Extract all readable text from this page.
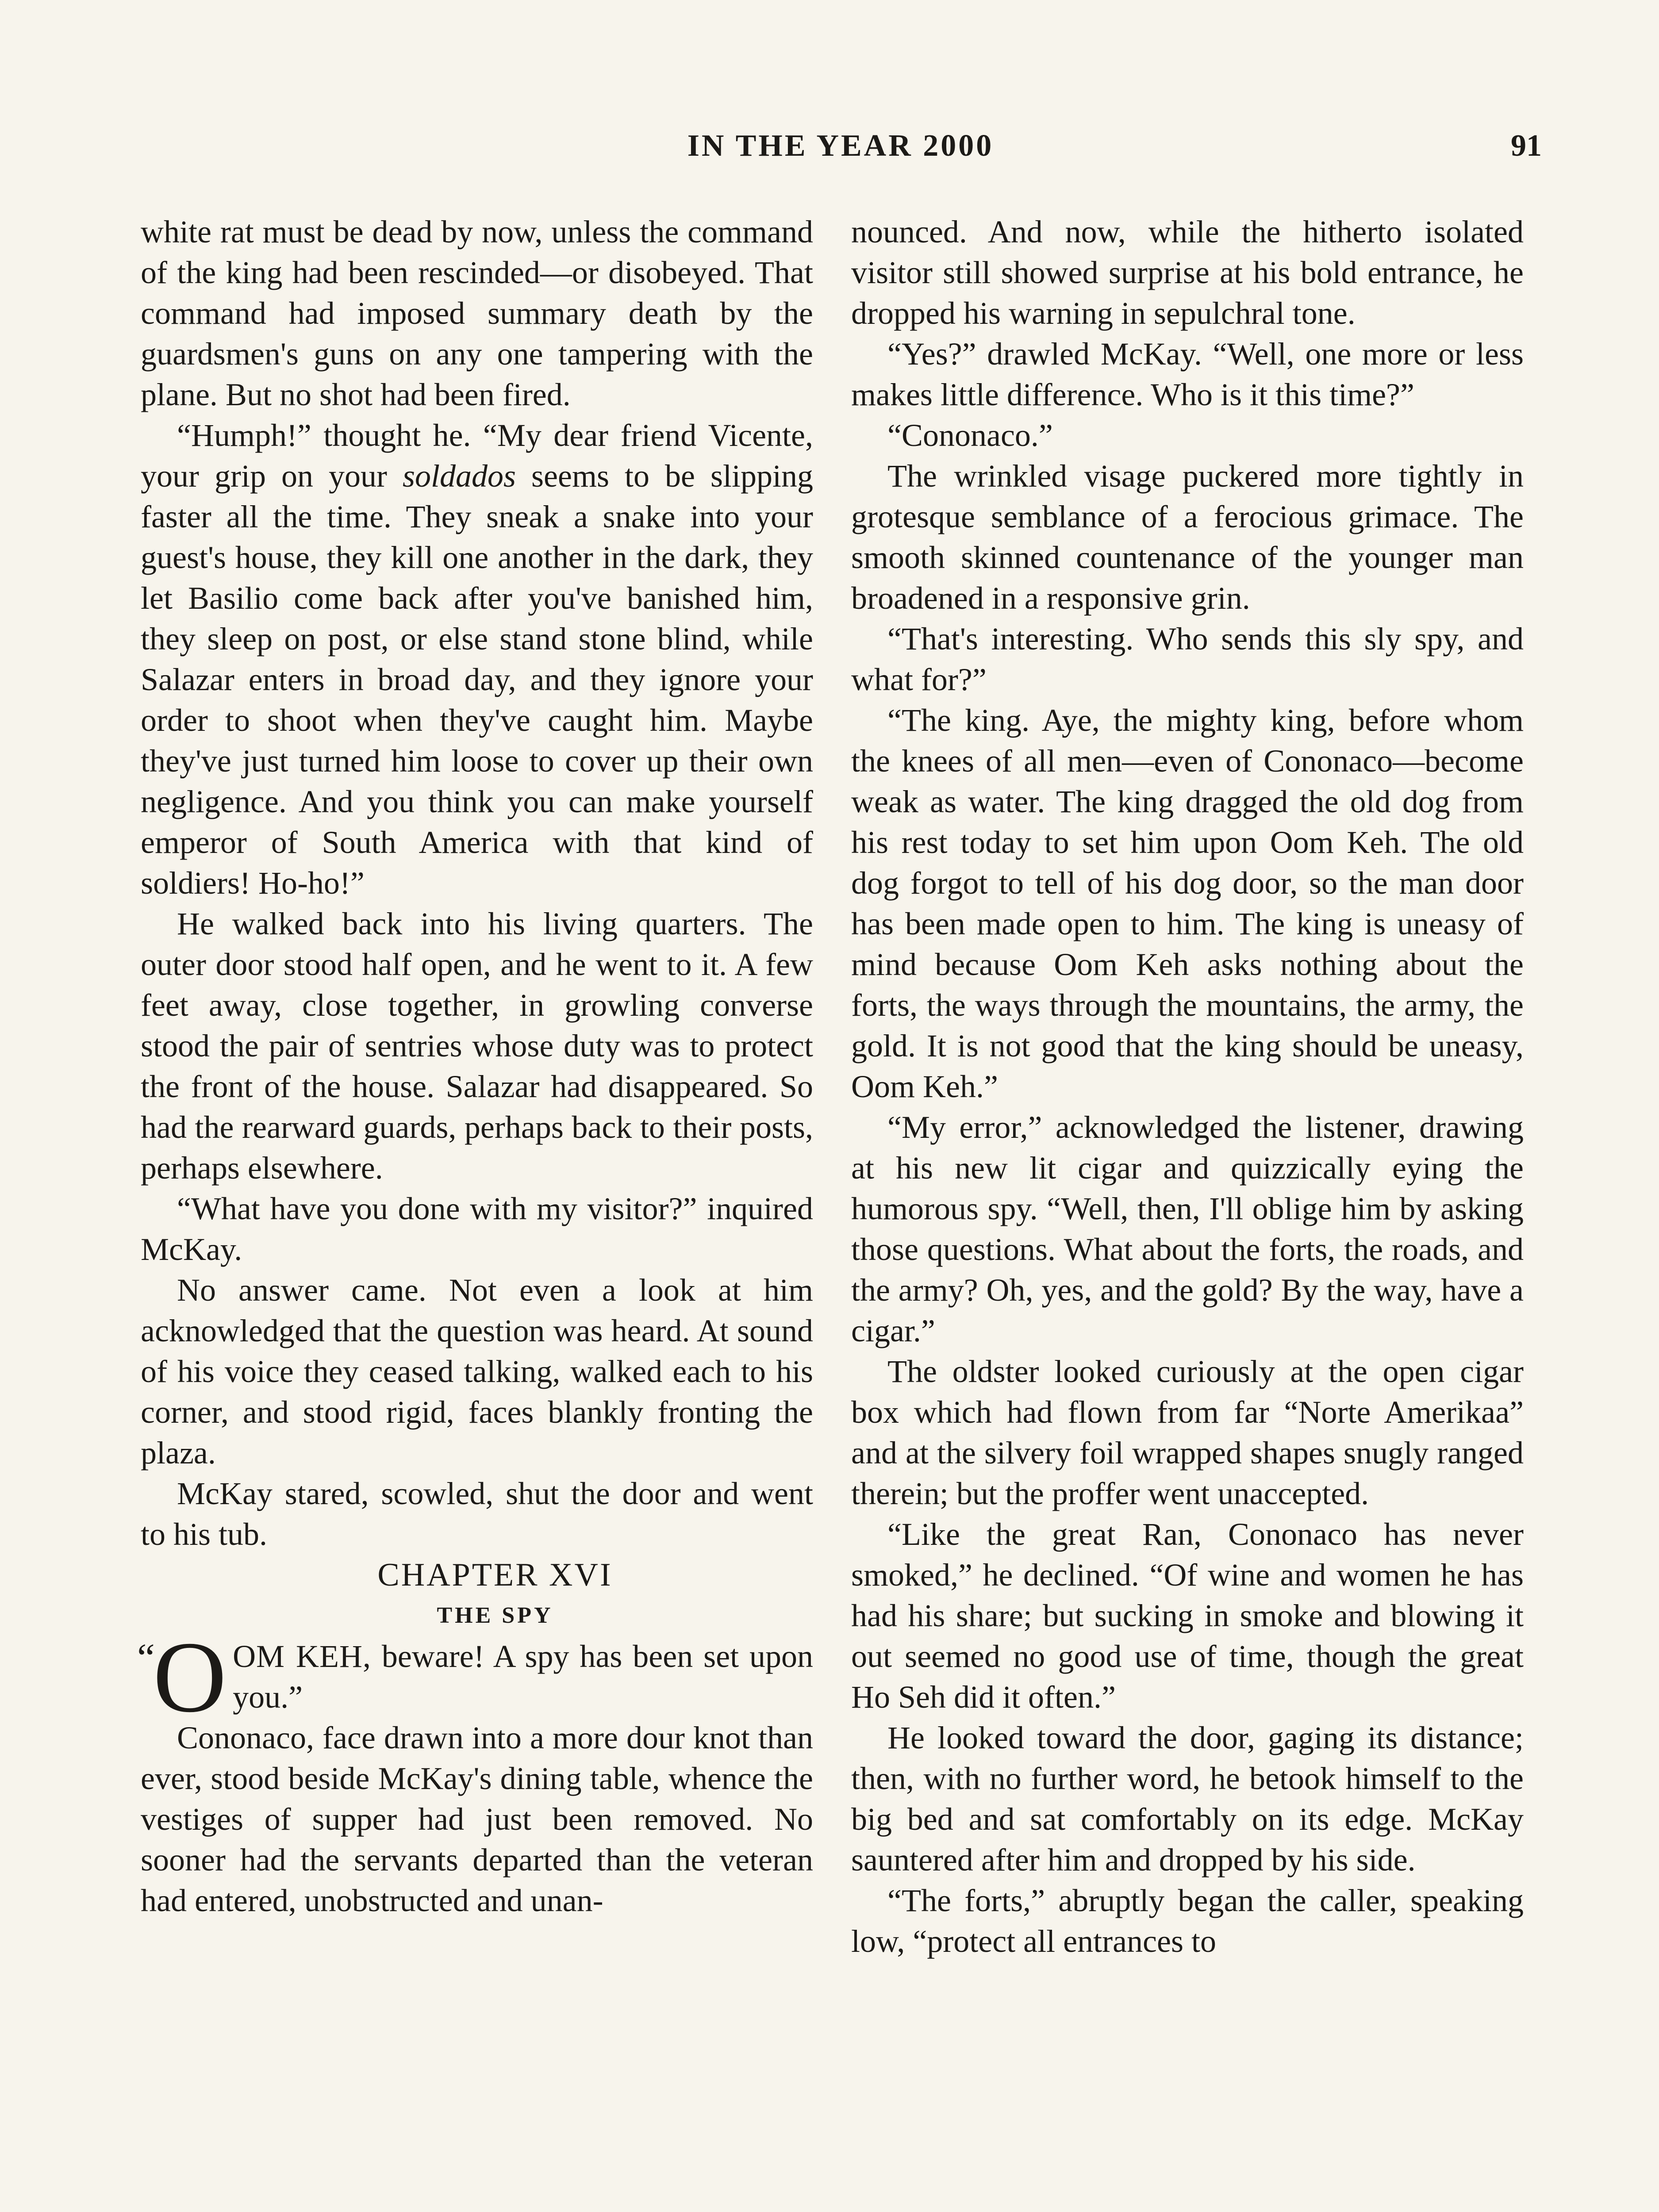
IN THE YEAR 2000	91

white rat must be dead by now, unless the command of the king had been rescinded—or disobeyed. That command had imposed summary death by the guardsmen's guns on any one tampering with the plane. But no shot had been fired.

“Humph!” thought he. “My dear friend Vicente, your grip on your soldados seems to be slipping faster all the time. They sneak a snake into your guest's house, they kill one another in the dark, they let Basilio come back after you've banished him, they sleep on post, or else stand stone blind, while Salazar enters in broad day, and they ignore your order to shoot when they've caught him. Maybe they've just turned him loose to cover up their own negligence. And you think you can make yourself emperor of South America with that kind of soldiers! Ho-ho!”

He walked back into his living quarters. The outer door stood half open, and he went to it. A few feet away, close together, in growling converse stood the pair of sentries whose duty was to protect the front of the house. Salazar had disappeared. So had the rearward guards, perhaps back to their posts, perhaps elsewhere.

“What have you done with my visitor?” inquired McKay.

No answer came. Not even a look at him acknowledged that the question was heard. At sound of his voice they ceased talking, walked each to his corner, and stood rigid, faces blankly fronting the plaza.

McKay stared, scowled, shut the door and went to his tub.

CHAPTER XVI

THE SPY

“
O OM KEH, beware! A spy has been set upon you.”

Cononaco, face drawn into a more dour knot than ever, stood beside McKay's dining table, whence the vestiges of supper had just been removed. No sooner had the servants departed than the veteran had entered, unobstructed and unan-

nounced. And now, while the hitherto isolated visitor still showed surprise at his bold entrance, he dropped his warning in sepulchral tone.

“Yes?” drawled McKay. “Well, one more or less makes little difference. Who is it this time?”

“Cononaco.”

The wrinkled visage puckered more tightly in grotesque semblance of a ferocious grimace. The smooth skinned countenance of the younger man broadened in a responsive grin.

“That's interesting. Who sends this sly spy, and what for?”

“The king. Aye, the mighty king, before whom the knees of all men—even of Cononaco—become weak as water. The king dragged the old dog from his rest today to set him upon Oom Keh. The old dog forgot to tell of his dog door, so the man door has been made open to him. The king is uneasy of mind because Oom Keh asks nothing about the forts, the ways through the mountains, the army, the gold. It is not good that the king should be uneasy, Oom Keh.”

“My error,” acknowledged the listener, drawing at his new lit cigar and quizzically eying the humorous spy. “Well, then, I'll oblige him by asking those questions. What about the forts, the roads, and the army? Oh, yes, and the gold? By the way, have a cigar.”

The oldster looked curiously at the open cigar box which had flown from far “Norte Amerikaa” and at the silvery foil wrapped shapes snugly ranged therein; but the proffer went unaccepted.

“Like the great Ran, Cononaco has never smoked,” he declined. “Of wine and women he has had his share; but sucking in smoke and blowing it out seemed no good use of time, though the great Ho Seh did it often.”

He looked toward the door, gaging its distance; then, with no further word, he betook himself to the big bed and sat comfortably on its edge. McKay sauntered after him and dropped by his side.

“The forts,” abruptly began the caller, speaking low, “protect all entrances to
